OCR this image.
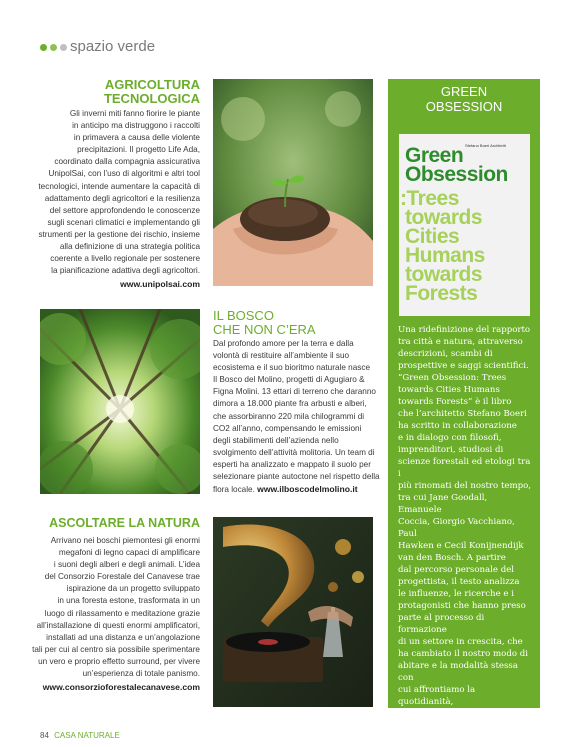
spazio verde
AGRICOLTURA
TECNOLOGICA
Gli inverni miti fanno fiorire le piante
in anticipo ma distruggono i raccolti
in primavera a causa delle violente
precipitazioni. Il progetto Life Ada,
coordinato dalla compagnia assicurativa
UnipolSai, con l’uso di algoritmi e altri tool
tecnologici, intende aumentare la capacità di
adattamento degli agricoltori e la resilienza
del settore approfondendo le conoscenze
sugli scenari climatici e implementando gli
strumenti per la gestione dei rischio, insieme
alla definizione di una strategia politica
coerente a livello regionale per sostenere
la pianificazione adattiva degli agricoltori.
www.unipolsai.com
IL BOSCO
CHE NON C’ERA
Dal profondo amore per la terra e dalla
volontà di restituire all’ambiente il suo
ecosistema e il suo bioritmo naturale nasce
Il Bosco del Molino, progetti di Agugiaro &
Figna Molini. 13 ettari di terreno che daranno
dimora a 18.000 piante fra arbusti e alberi,
che assorbiranno 220 mila chilogrammi di
CO2 all’anno, compensando le emissioni
degli stabilimenti dell’azienda nello
svolgimento dell’attività molitoria. Un team di
esperti ha analizzato e mappato il suolo per
selezionare piante autoctone nel rispetto della
flora locale. www.ilboscodelmolino.it
ASCOLTARE LA NATURA
Arrivano nei boschi piemontesi gli enormi
megafoni di legno capaci di amplificare
i suoni degli alberi e degli animali. L’idea
del Consorzio Forestale del Canavese trae
ispirazione da un progetto sviluppato
in una foresta estone, trasformata in un
luogo di rilassamento e meditazione grazie
all’installazione di questi enormi amplificatori,
installati ad una distanza e un’angolazione
tali per cui al centro sia possibile sperimentare
un vero e proprio effetto surround, per vivere
un’esperienza di totale panismo.
www.consorzioforestalecanavese.com
GREEN
OBSESSION
Stefano Boeri Architetti
Green
Obsession
:Trees
towards
Cities
Humans
towards
Forests
Una ridefinizione del rapporto
tra città e natura, attraverso
descrizioni, scambi di
prospettive e saggi scientifici.
“Green Obsession: Trees
towards Cities Humans
towards Forests” è il libro
che l’architetto Stefano Boeri
ha scritto in collaborazione
e in dialogo con filosofi,
imprenditori, studiosi di
scienze forestali ed etologi tra i
più rinomati del nostro tempo,
tra cui Jane Goodall, Emanuele
Coccia, Giorgio Vacchiano, Paul
Hawken e Cecil Konijnendijk
van den Bosch. A partire
dal percorso personale del
progettista, il testo analizza
le influenze, le ricerche e i
protagonisti che hanno preso
parte al processo di formazione
di un settore in crescita, che
ha cambiato il nostro modo di
abitare e la modalità stessa con
cui affrontiamo la quotidianità,
nella tutela del mondo e della
sua biodiversità.
www.stefanoboeriarchitetti.net
84 CASA NATURALE
